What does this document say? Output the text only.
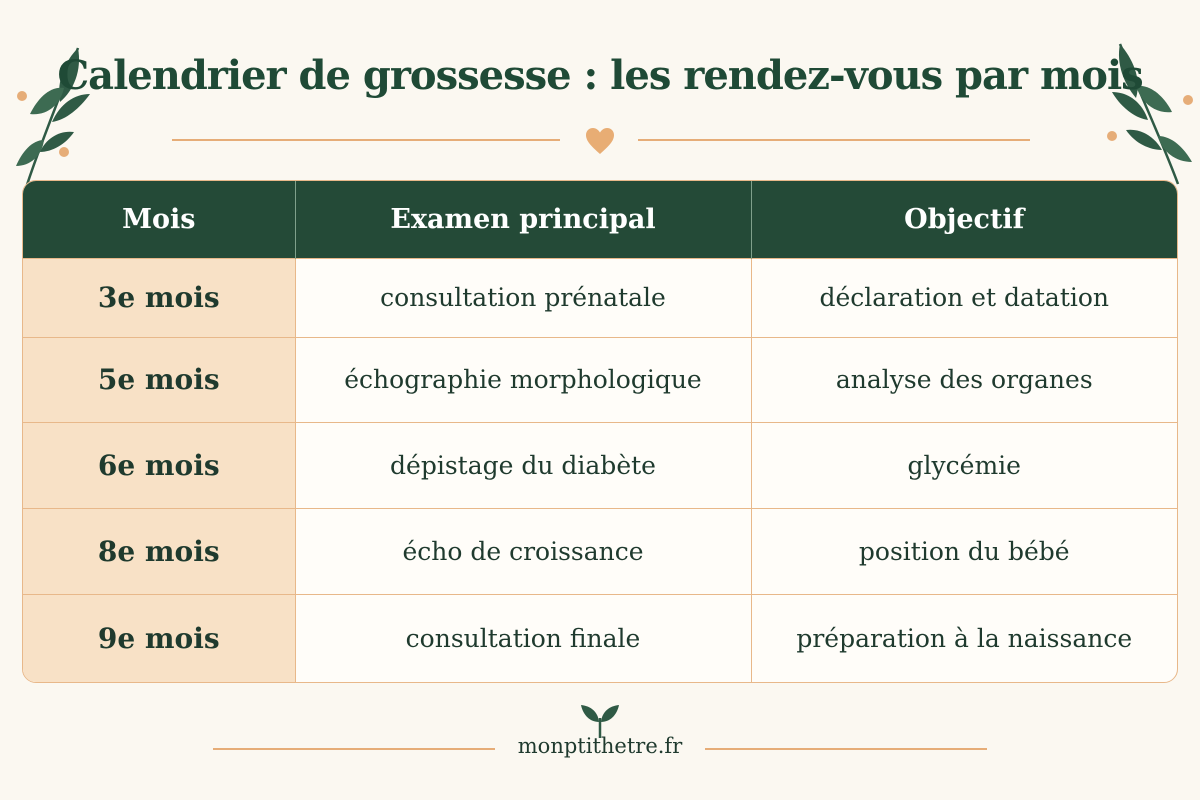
Calendrier de grossesse : les rendez-vous par mois
Mois	Examen principal	Objectif
3e mois	consultation prénatale	déclaration et datation
5e mois	échographie morphologique	analyse des organes
6e mois	dépistage du diabète	glycémie
8e mois	écho de croissance	position du bébé
9e mois	consultation finale	préparation à la naissance
monptithetre.fr
